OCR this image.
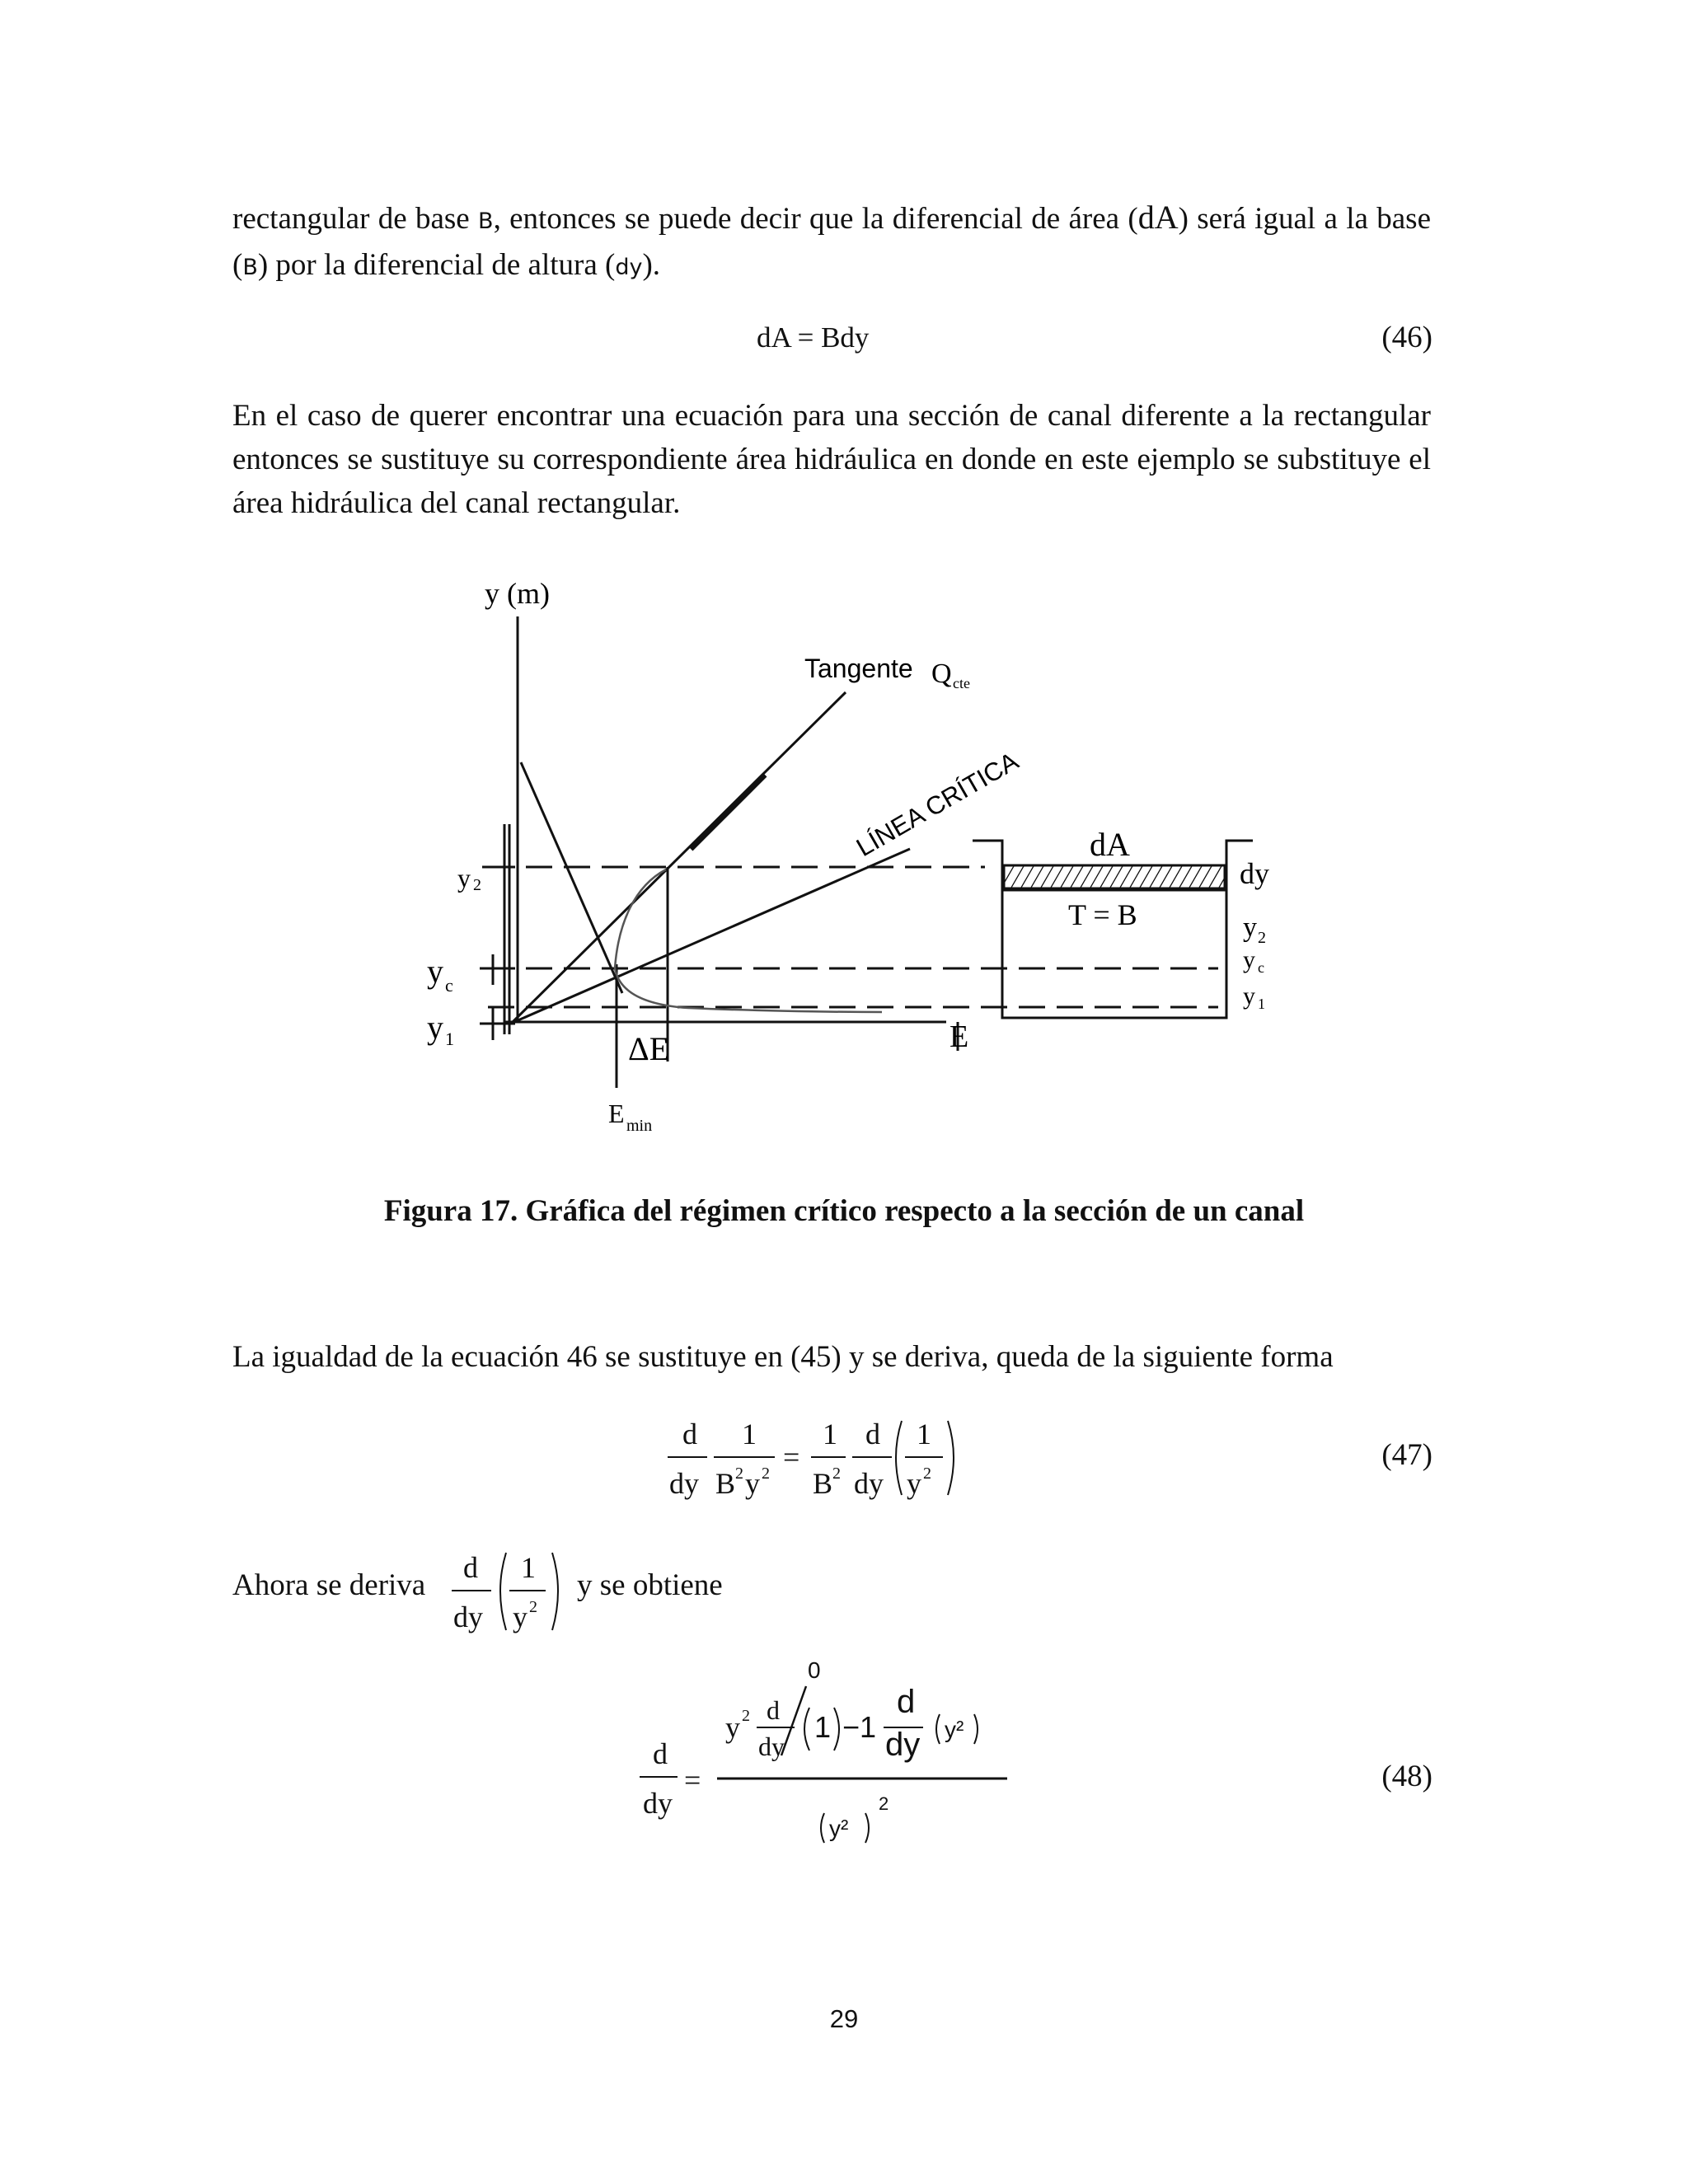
rectangular de base B, entonces se puede decir que la diferencial de área (dA) será igual a la base (B) por la diferencial de altura (dy).

dA = Bdy	(46)

En el caso de querer encontrar una ecuación para una sección de canal diferente a la rectangular entonces se sustituye su correspondiente área hidráulica en donde en este ejemplo se substituye el área hidráulica del canal rectangular.

y (m)
Tangente Q cte
LÍNEA CRÍTICA
y 2
y c
y 1	ΔE	E
E min
dA
dy
T = B	y 2
y c
y 1
Figura 17. Gráfica del régimen crítico respecto a la sección de un canal

La igualdad de la ecuación 46 se sustituye en (45) y se deriva, queda de la siguiente forma

d
dy
1
B 2 y 2 =
1
B 2
d
dy
1
y 2
(47)
Ahora se deriva
d
dy
1
y 2
y se obtiene
d
dy
=
0
y 2 d
dy
1 −1
d
dy y²
y²
2
(48)
29
